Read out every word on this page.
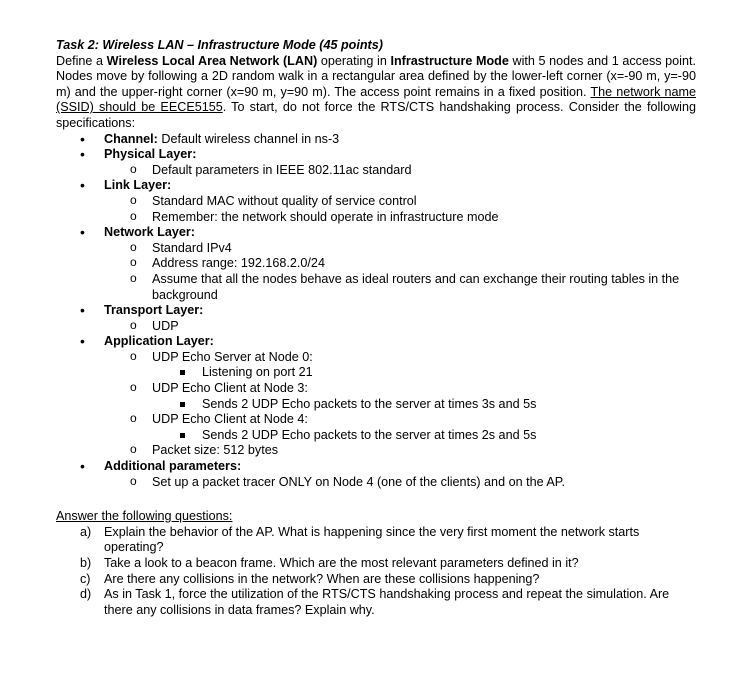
Task 2: Wireless LAN – Infrastructure Mode (45 points)

Define a Wireless Local Area Network (LAN) operating in Infrastructure Mode with 5 nodes and 1 access point. Nodes move by following a 2D random walk in a rectangular area defined by the lower-left corner (x=-90 m, y=-90 m) and the upper-right corner (x=90 m, y=90 m). The access point remains in a fixed position. The network name (SSID) should be EECE5155. To start, do not force the RTS/CTS handshaking process. Consider the following specifications:

• Channel: Default wireless channel in ns-3
• Physical Layer:
o Default parameters in IEEE 802.11ac standard
• Link Layer:
o Standard MAC without quality of service control
o Remember: the network should operate in infrastructure mode
• Network Layer:
o Standard IPv4
o Address range: 192.168.2.0/24
o Assume that all the nodes behave as ideal routers and can exchange their routing tables in the background
• Transport Layer:
o UDP
• Application Layer:
o UDP Echo Server at Node 0:
Listening on port 21
o UDP Echo Client at Node 3:
Sends 2 UDP Echo packets to the server at times 3s and 5s
o UDP Echo Client at Node 4:
Sends 2 UDP Echo packets to the server at times 2s and 5s
o Packet size: 512 bytes
• Additional parameters:
o Set up a packet tracer ONLY on Node 4 (one of the clients) and on the AP.
Answer the following questions:
a) Explain the behavior of the AP. What is happening since the very first moment the network starts operating?
b) Take a look to a beacon frame. Which are the most relevant parameters defined in it?
c) Are there any collisions in the network? When are these collisions happening?
d) As in Task 1, force the utilization of the RTS/CTS handshaking process and repeat the simulation. Are there any collisions in data frames? Explain why.
